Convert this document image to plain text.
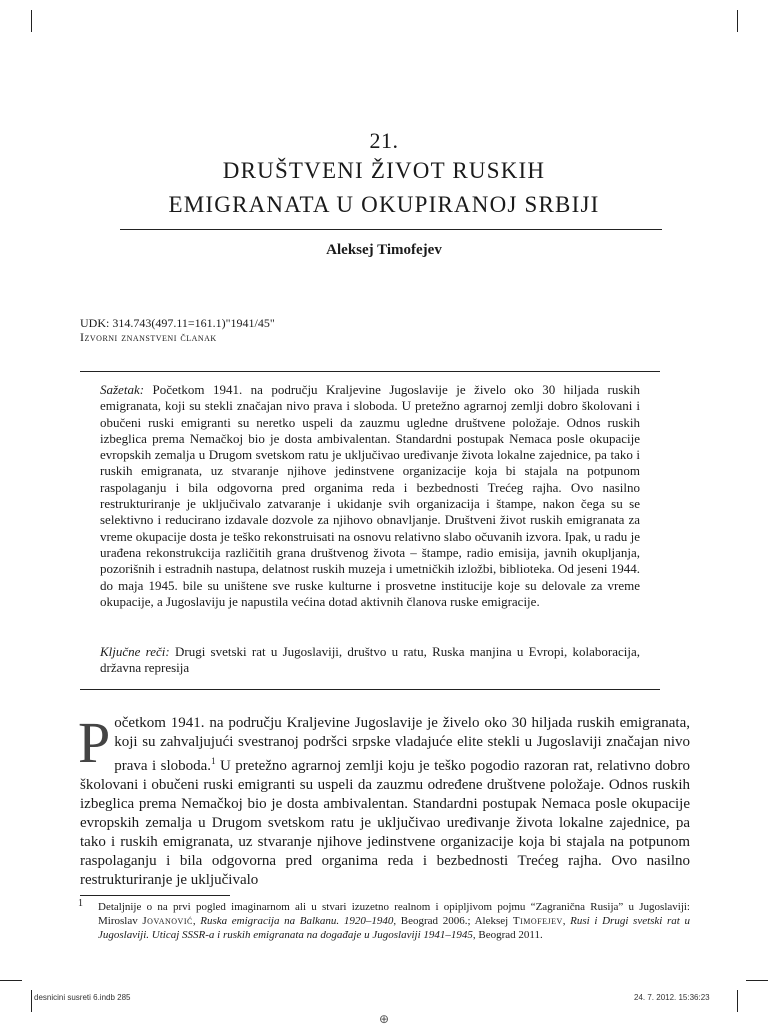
21.
DRUŠTVENI ŽIVOT RUSKIH
EMIGRANATA U OKUPIRANOJ SRBIJI
Aleksej Timofejev
UDK: 314.743(497.11=161.1)"1941/45"
Izvorni znanstveni članak

Sažetak: Početkom 1941. na području Kraljevine Jugoslavije je živelo oko 30 hiljada ruskih emigranata, koji su stekli značajan nivo prava i sloboda. U pretežno agrarnoj zemlji dobro školovani i obučeni ruski emigranti su neretko uspeli da zauzmu ugledne društvene položaje. Odnos ruskih izbeglica prema Nemačkoj bio je dosta ambivalentan. Standardni postupak Nemaca posle okupacije evropskih zemalja u Drugom svetskom ratu je uključivao uređivanje života lokalne zajednice, pa tako i ruskih emigranata, uz stvaranje njihove jedinstvene organizacije koja bi stajala na potpunom raspolaganju i bila odgovorna pred organima reda i bezbednosti Trećeg rajha. Ovo nasilno restrukturiranje je uključivalo zatvaranje i ukidanje svih organizacija i štampe, nakon čega su se selektivno i reducirano izdavale dozvole za njihovo obnavljanje. Društveni život ruskih emigranata za vreme okupacije dosta je teško rekonstruisati na osnovu relativno slabo očuvanih izvora. Ipak, u radu je urađena rekonstrukcija različitih grana društvenog života – štampe, radio emisija, javnih okupljanja, pozorišnih i estradnih nastupa, delatnost ruskih muzeja i umetničkih izložbi, biblioteka. Od jeseni 1944. do maja 1945. bile su uništene sve ruske kulturne i prosvetne institucije koje su delovale za vreme okupacije, a Jugoslaviju je napustila većina dotad aktivnih članova ruske emigracije.

Ključne reči: Drugi svetski rat u Jugoslaviji, društvo u ratu, Ruska manjina u Evropi, kolaboracija, državna represija

Početkom 1941. na području Kraljevine Jugoslavije je živelo oko 30 hiljada ruskih emigranata, koji su zahvaljujući svestranoj podršci srpske vladajuće elite stekli u Jugoslaviji značajan nivo prava i sloboda.$^1$ U pretežno agrarnoj zemlji koju je teško pogodio razoran rat, relativno dobro školovani i obučeni ruski emigranti su uspeli da zauzmu određene društvene položaje. Odnos ruskih izbeglica prema Nemačkoj bio je dosta ambivalentan. Standardni postupak Nemaca posle okupacije evropskih zemalja u Drugom svetskom ratu je uključivao uređivanje života lokalne zajednice, pa tako i ruskih emigranata, uz stvaranje njihove jedinstvene organizacije koja bi stajala na potpunom raspolaganju i bila odgovorna pred organima reda i bezbednosti Trećeg rajha. Ovo nasilno restrukturiranje je uključivalo

1	Detaljnije o na prvi pogled imaginarnom ali u stvari izuzetno realnom i opipljivom pojmu “Zagranična Rusija” u Jugoslaviji: Miroslav Jovanović, Ruska emigracija na Balkanu. 1920–1940, Beograd 2006.; Aleksej Timofejev, Rusi i Drugi svetski rat u Jugoslaviji. Uticaj SSSR-a i ruskih emigranata na događaje u Jugoslaviji 1941–1945, Beograd 2011.
desnicini susreti 6.indb 285	24. 7. 2012. 15:36:23
⊕
